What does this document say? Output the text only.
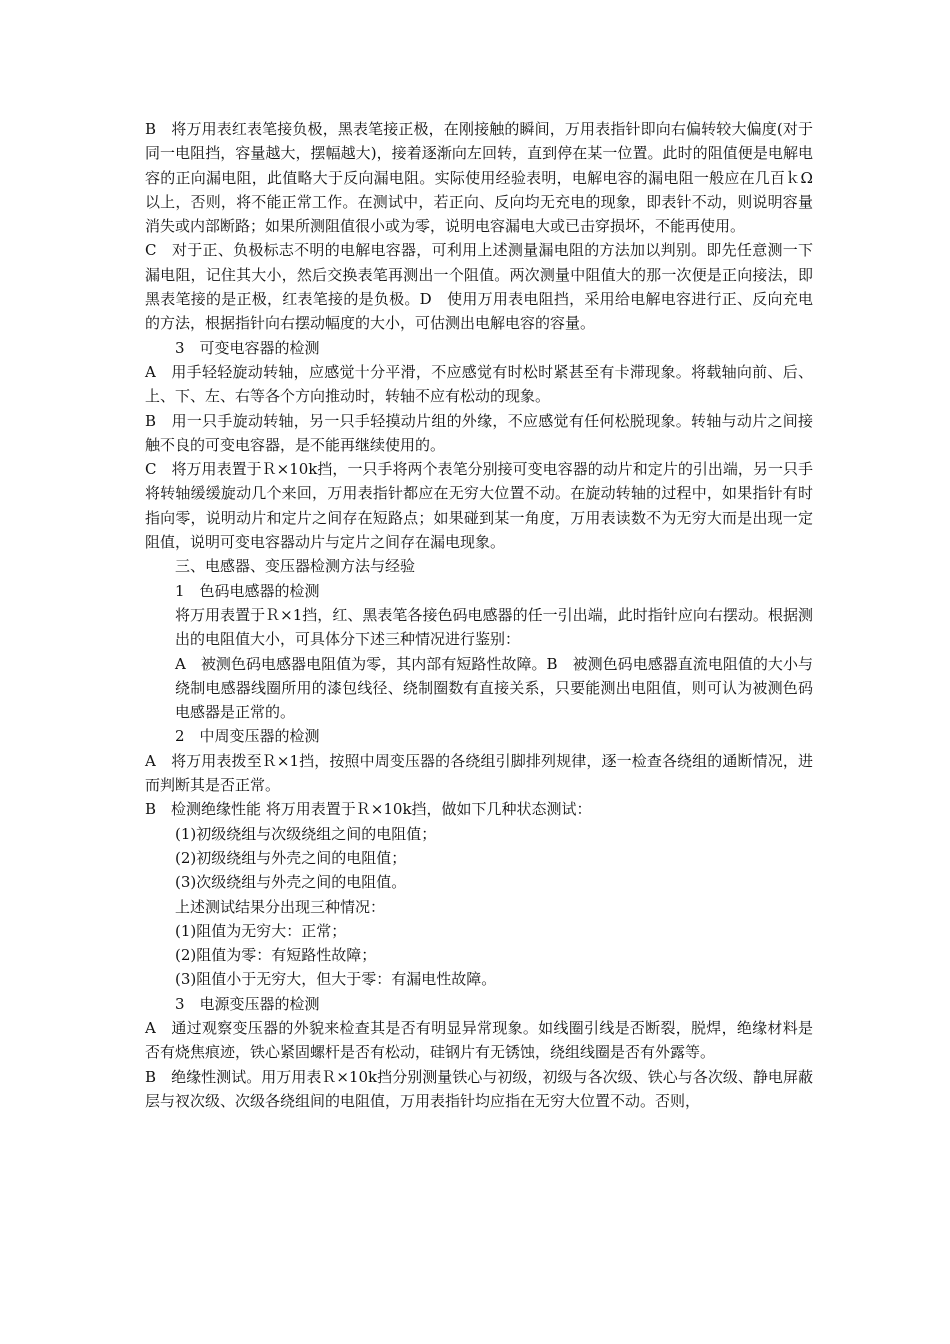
B　将万用表红表笔接负极，黑表笔接正极，在刚接触的瞬间，万用表指针即向右偏转较大偏度(对于同一电阻挡，容量越大，摆幅越大)，接着逐渐向左回转，直到停在某一位置。此时的阻值便是电解电容的正向漏电阻，此值略大于反向漏电阻。实际使用经验表明，电解电容的漏电阻一般应在几百ｋΩ以上，否则，将不能正常工作。在测试中，若正向、反向均无充电的现象，即表针不动，则说明容量消失或内部断路；如果所测阻值很小或为零，说明电容漏电大或已击穿损坏，不能再使用。

C　对于正、负极标志不明的电解电容器，可利用上述测量漏电阻的方法加以判别。即先任意测一下漏电阻，记住其大小，然后交换表笔再测出一个阻值。两次测量中阻值大的那一次便是正向接法，即黑表笔接的是正极，红表笔接的是负极。D　使用万用表电阻挡，采用给电解电容进行正、反向充电的方法，根据指针向右摆动幅度的大小，可估测出电解电容的容量。

3　可变电容器的检测

A　用手轻轻旋动转轴，应感觉十分平滑，不应感觉有时松时紧甚至有卡滞现象。将载轴向前、后、上、下、左、右等各个方向推动时，转轴不应有松动的现象。

B　用一只手旋动转轴，另一只手轻摸动片组的外缘，不应感觉有任何松脱现象。转轴与动片之间接触不良的可变电容器，是不能再继续使用的。

C　将万用表置于Ｒ×10k挡，一只手将两个表笔分别接可变电容器的动片和定片的引出端，另一只手将转轴缓缓旋动几个来回，万用表指针都应在无穷大位置不动。在旋动转轴的过程中，如果指针有时指向零，说明动片和定片之间存在短路点；如果碰到某一角度，万用表读数不为无穷大而是出现一定阻值，说明可变电容器动片与定片之间存在漏电现象。

三、电感器、变压器检测方法与经验

1　色码电感器的检测

将万用表置于Ｒ×1挡，红、黑表笔各接色码电感器的任一引出端，此时指针应向右摆动。根据测出的电阻值大小，可具体分下述三种情况进行鉴别：

A　被测色码电感器电阻值为零，其内部有短路性故障。B　被测色码电感器直流电阻值的大小与绕制电感器线圈所用的漆包线径、绕制圈数有直接关系，只要能测出电阻值，则可认为被测色码电感器是正常的。

2　中周变压器的检测

A　将万用表拨至Ｒ×1挡，按照中周变压器的各绕组引脚排列规律，逐一检查各绕组的通断情况，进而判断其是否正常。

B　检测绝缘性能 将万用表置于Ｒ×10k挡，做如下几种状态测试：

(1)初级绕组与次级绕组之间的电阻值；

(2)初级绕组与外壳之间的电阻值；

(3)次级绕组与外壳之间的电阻值。

上述测试结果分出现三种情况：

(1)阻值为无穷大：正常；

(2)阻值为零：有短路性故障；

(3)阻值小于无穷大，但大于零：有漏电性故障。

3　电源变压器的检测

A　通过观察变压器的外貌来检查其是否有明显异常现象。如线圈引线是否断裂，脱焊，绝缘材料是否有烧焦痕迹，铁心紧固螺杆是否有松动，硅钢片有无锈蚀，绕组线圈是否有外露等。

B　绝缘性测试。用万用表Ｒ×10k挡分别测量铁心与初级，初级与各次级、铁心与各次级、静电屏蔽层与衩次级、次级各绕组间的电阻值，万用表指针均应指在无穷大位置不动。否则，
